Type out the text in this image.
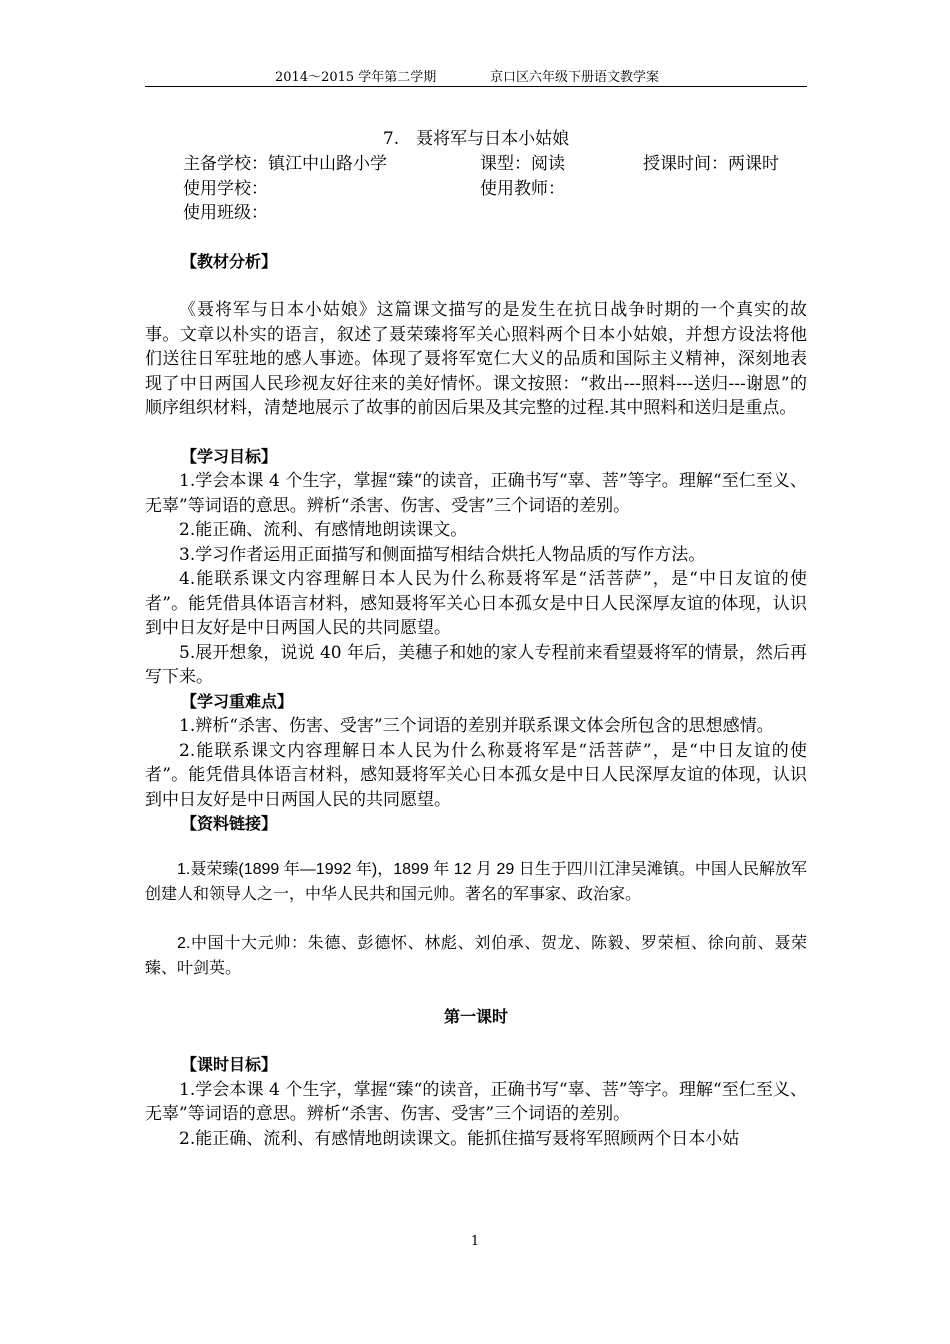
2014～2015 学年第二学期	京口区六年级下册语文教学案
7.　聂将军与日本小姑娘
主备学校：镇江中山路小学	课型：阅读	授课时间：两课时
使用学校：	使用教师：
使用班级：
【教材分析】

《聂将军与日本小姑娘》这篇课文描写的是发生在抗日战争时期的一个真实的故事。文章以朴实的语言，叙述了聂荣臻将军关心照料两个日本小姑娘，并想方设法将他们送往日军驻地的感人事迹。体现了聂将军宽仁大义的品质和国际主义精神，深刻地表现了中日两国人民珍视友好往来的美好情怀。课文按照：“救出---照料---送归---谢恩”的顺序组织材料，清楚地展示了故事的前因后果及其完整的过程.其中照料和送归是重点。

【学习目标】

1.学会本课 4 个生字，掌握“臻“的读音，正确书写“辜、菩”等字。理解“至仁至义、无辜”等词语的意思。辨析“杀害、伤害、受害”三个词语的差别。

2.能正确、流利、有感情地朗读课文。

3.学习作者运用正面描写和侧面描写相结合烘托人物品质的写作方法。

4.能联系课文内容理解日本人民为什么称聂将军是“活菩萨”，是“中日友谊的使者”。能凭借具体语言材料，感知聂将军关心日本孤女是中日人民深厚友谊的体现，认识到中日友好是中日两国人民的共同愿望。

5.展开想象，说说 40 年后，美穗子和她的家人专程前来看望聂将军的情景，然后再写下来。

【学习重难点】

1.辨析“杀害、伤害、受害”三个词语的差别并联系课文体会所包含的思想感情。

2.能联系课文内容理解日本人民为什么称聂将军是“活菩萨”，是“中日友谊的使者”。能凭借具体语言材料，感知聂将军关心日本孤女是中日人民深厚友谊的体现，认识到中日友好是中日两国人民的共同愿望。

【资料链接】

1.聂荣臻(1899 年—1992 年)，1899 年 12 月 29 日生于四川江津吴滩镇。中国人民解放军创建人和领导人之一，中华人民共和国元帅。著名的军事家、政治家。

2.中国十大元帅：朱德、彭德怀、林彪、刘伯承、贺龙、陈毅、罗荣桓、徐向前、聂荣臻、叶剑英。

第一课时
【课时目标】

1.学会本课 4 个生字，掌握“臻“的读音，正确书写“辜、菩”等字。理解“至仁至义、无辜”等词语的意思。辨析“杀害、伤害、受害”三个词语的差别。

2.能正确、流利、有感情地朗读课文。能抓住描写聂将军照顾两个日本小姑

1
